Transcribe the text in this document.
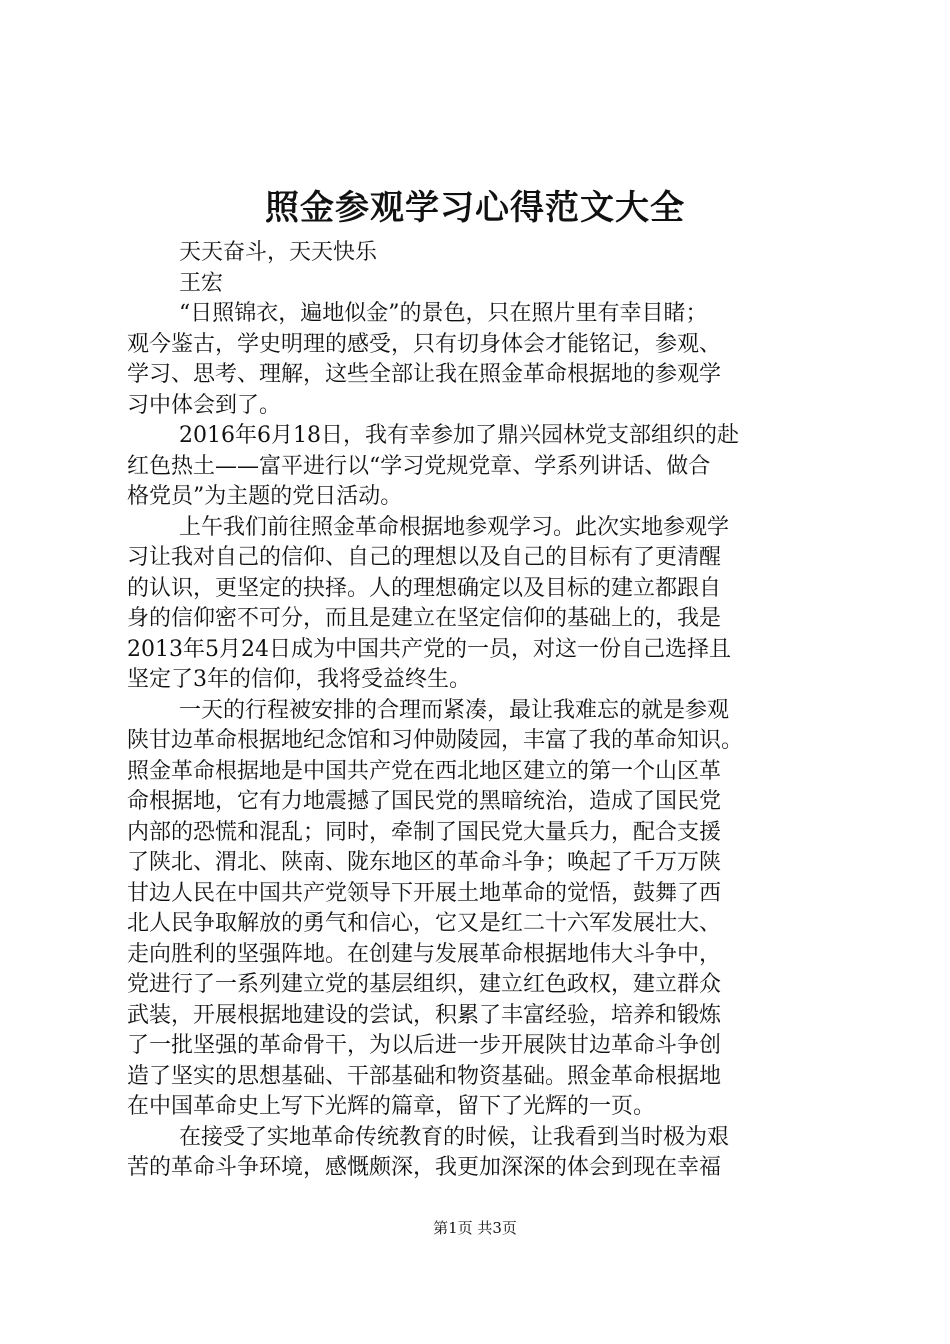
照金参观学习心得范文大全
天天奋斗，天天快乐
王宏
“日照锦衣，遍地似金”的景色，只在照片里有幸目睹；
观今鉴古，学史明理的感受，只有切身体会才能铭记，参观、
学习、思考、理解，这些全部让我在照金革命根据地的参观学
习中体会到了。
2016年6月18日，我有幸参加了鼎兴园林党支部组织的赴
红色热土——富平进行以“学习党规党章、学系列讲话、做合
格党员”为主题的党日活动。
上午我们前往照金革命根据地参观学习。此次实地参观学
习让我对自己的信仰、自己的理想以及自己的目标有了更清醒
的认识，更坚定的抉择。人的理想确定以及目标的建立都跟自
身的信仰密不可分，而且是建立在坚定信仰的基础上的，我是
2013年5月24日成为中国共产党的一员，对这一份自己选择且
坚定了3年的信仰，我将受益终生。
一天的行程被安排的合理而紧凑，最让我难忘的就是参观
陕甘边革命根据地纪念馆和习仲勋陵园，丰富了我的革命知识。
照金革命根据地是中国共产党在西北地区建立的第一个山区革
命根据地，它有力地震撼了国民党的黑暗统治，造成了国民党
内部的恐慌和混乱；同时，牵制了国民党大量兵力，配合支援
了陕北、渭北、陕南、陇东地区的革命斗争；唤起了千万万陕
甘边人民在中国共产党领导下开展土地革命的觉悟，鼓舞了西
北人民争取解放的勇气和信心，它又是红二十六军发展壮大、
走向胜利的坚强阵地。在创建与发展革命根据地伟大斗争中，
党进行了一系列建立党的基层组织，建立红色政权，建立群众
武装，开展根据地建设的尝试，积累了丰富经验，培养和锻炼
了一批坚强的革命骨干，为以后进一步开展陕甘边革命斗争创
造了坚实的思想基础、干部基础和物资基础。照金革命根据地
在中国革命史上写下光辉的篇章，留下了光辉的一页。
在接受了实地革命传统教育的时候，让我看到当时极为艰
苦的革命斗争环境，感慨颇深，我更加深深的体会到现在幸福
第1页 共3页
